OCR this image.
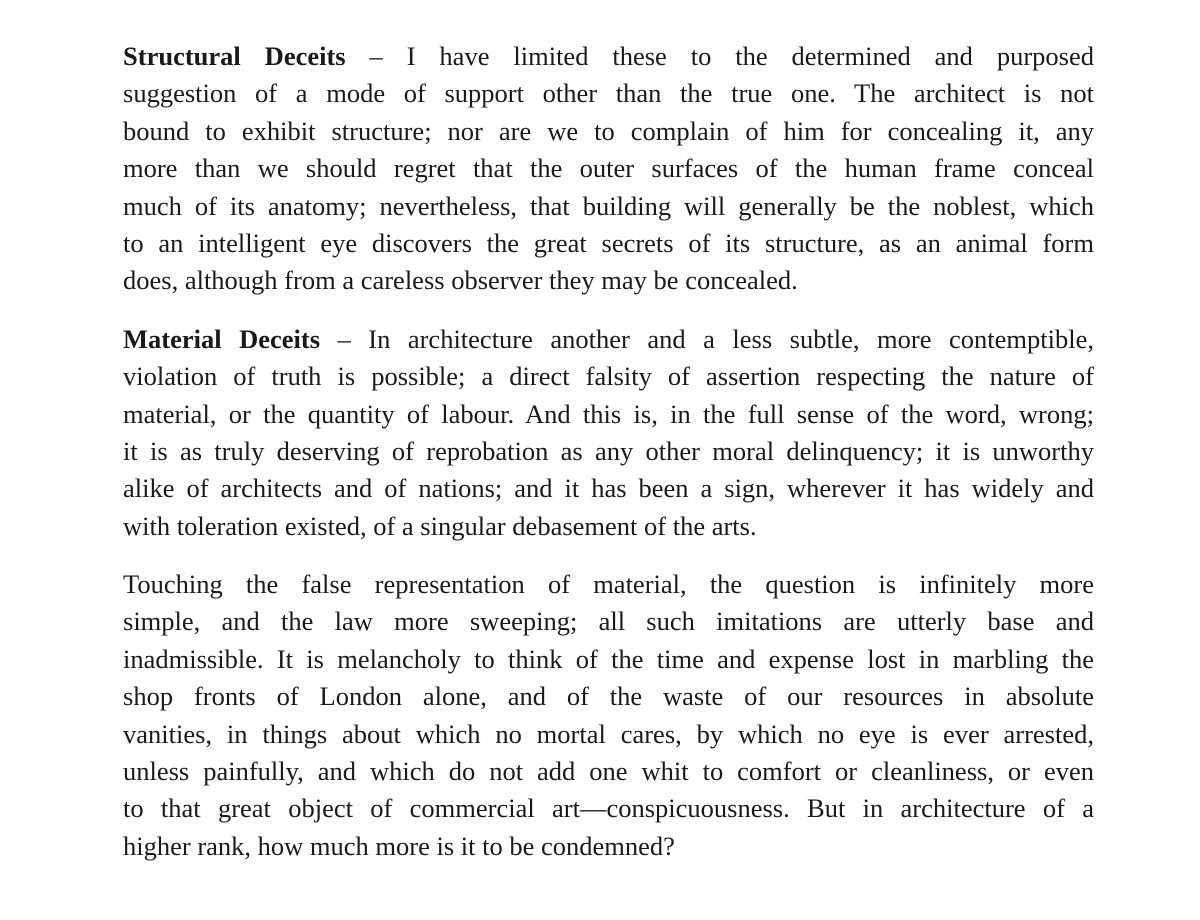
Structural Deceits – I have limited these to the determined and purposed
suggestion of a mode of support other than the true one. The architect is not
bound to exhibit structure; nor are we to complain of him for concealing it, any
more than we should regret that the outer surfaces of the human frame conceal
much of its anatomy; nevertheless, that building will generally be the noblest, which
to an intelligent eye discovers the great secrets of its structure, as an animal form
does, although from a careless observer they may be concealed.
Material Deceits – In architecture another and a less subtle, more contemptible,
violation of truth is possible; a direct falsity of assertion respecting the nature of
material, or the quantity of labour. And this is, in the full sense of the word, wrong;
it is as truly deserving of reprobation as any other moral delinquency; it is unworthy
alike of architects and of nations; and it has been a sign, wherever it has widely and
with toleration existed, of a singular debasement of the arts.
Touching the false representation of material, the question is infinitely more
simple, and the law more sweeping; all such imitations are utterly base and
inadmissible. It is melancholy to think of the time and expense lost in marbling the
shop fronts of London alone, and of the waste of our resources in absolute
vanities, in things about which no mortal cares, by which no eye is ever arrested,
unless painfully, and which do not add one whit to comfort or cleanliness, or even
to that great object of commercial art—conspicuousness. But in architecture of a
higher rank, how much more is it to be condemned?
